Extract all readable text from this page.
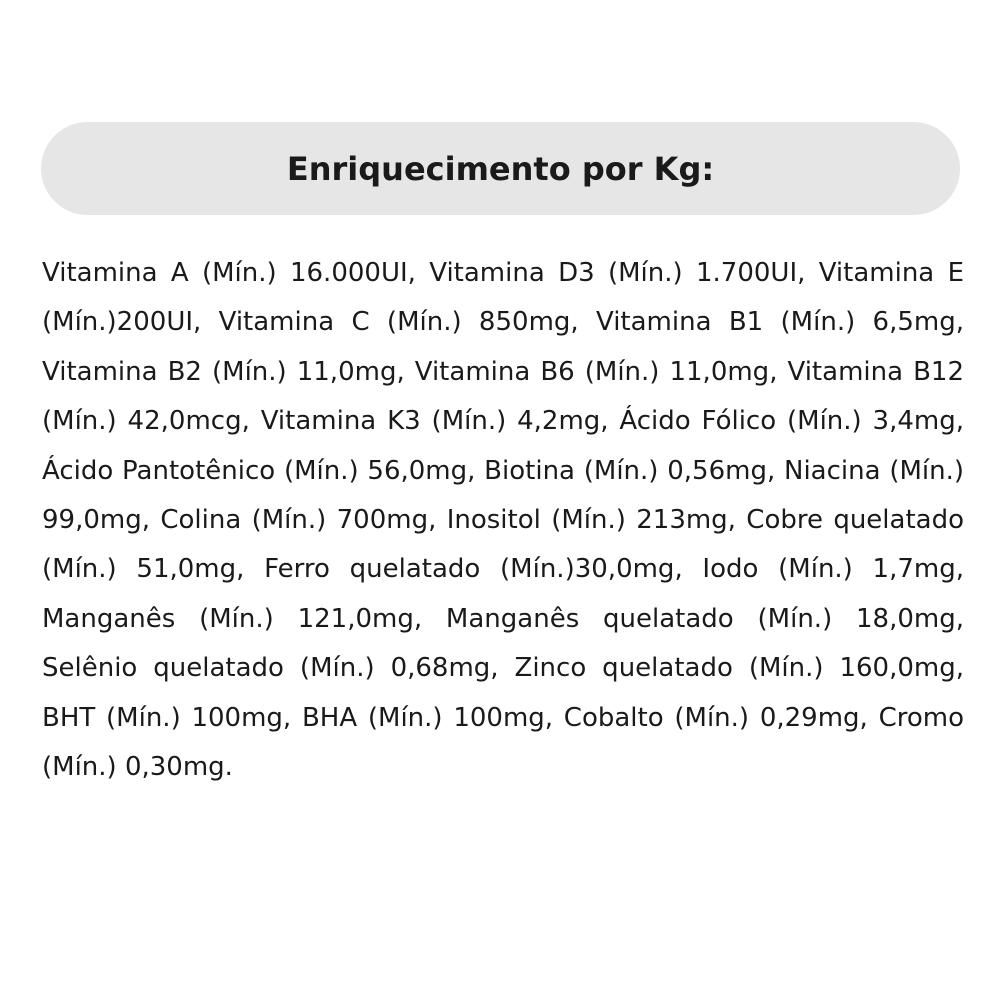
Enriquecimento por Kg:

Vitamina A (Mín.) 16.000UI, Vitamina D3 (Mín.) 1.700UI, Vitamina E (Mín.)200UI, Vitamina C (Mín.) 850mg, Vitamina B1 (Mín.) 6,5mg, Vitamina B2 (Mín.) 11,0mg, Vitamina B6 (Mín.) 11,0mg, Vitamina B12 (Mín.) 42,0mcg, Vitamina K3 (Mín.) 4,2mg, Ácido Fólico (Mín.) 3,4mg, Ácido Pantotênico (Mín.) 56,0mg, Biotina (Mín.) 0,56mg, Niacina (Mín.) 99,0mg, Colina (Mín.) 700mg, Inositol (Mín.) 213mg, Cobre quelatado (Mín.) 51,0mg, Ferro quelatado (Mín.)30,0mg, Iodo (Mín.) 1,7mg, Manganês (Mín.) 121,0mg, Manganês quelatado (Mín.) 18,0mg, Selênio quelatado (Mín.) 0,68mg, Zinco quelatado (Mín.) 160,0mg, BHT (Mín.) 100mg, BHA (Mín.) 100mg, Cobalto (Mín.) 0,29mg, Cromo (Mín.) 0,30mg.
